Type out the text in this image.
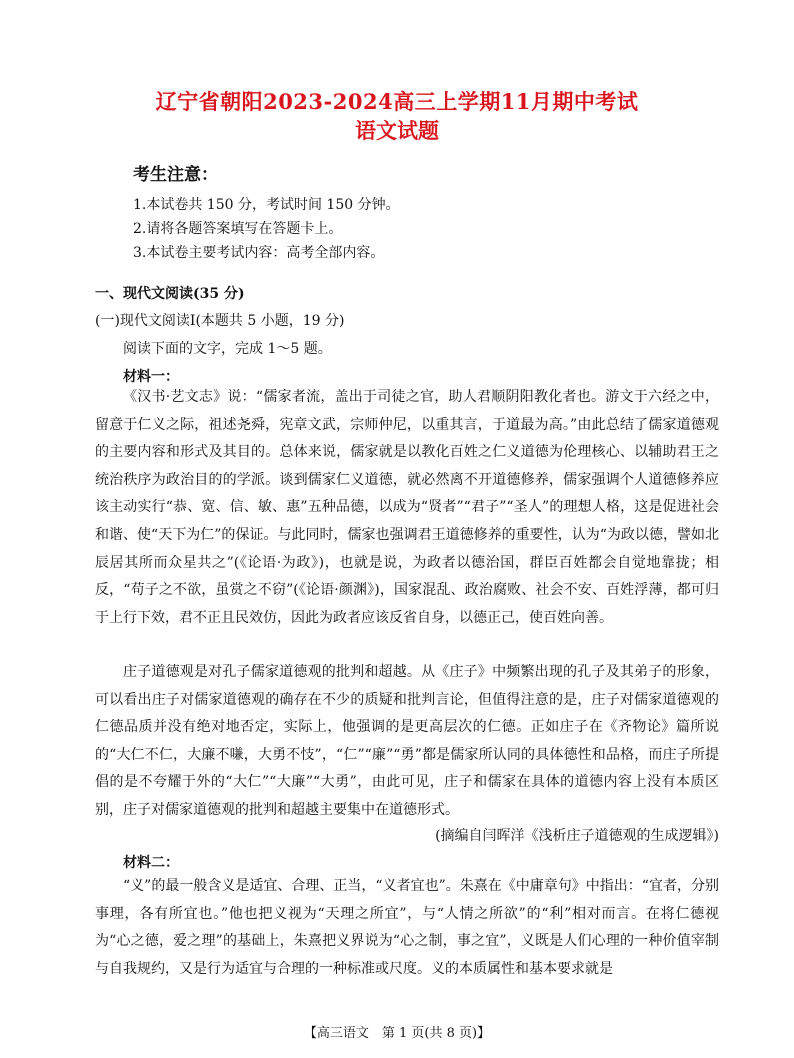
辽宁省朝阳2023-2024高三上学期11月期中考试
语文试题
考生注意：
1.本试卷共 150 分，考试时间 150 分钟。
2.请将各题答案填写在答题卡上。
3.本试卷主要考试内容：高考全部内容。
一、现代文阅读(35 分)
(一)现代文阅读Ⅰ(本题共 5 小题，19 分)
阅读下面的文字，完成 1～5 题。
材料一：
《汉书·艺文志》说：“儒家者流，盖出于司徒之官，助人君顺阴阳教化者也。游文于六经之中，留意于仁义之际，祖述尧舜，宪章文武，宗师仲尼，以重其言，于道最为高。”由此总结了儒家道德观的主要内容和形式及其目的。总体来说，儒家就是以教化百姓之仁义道德为伦理核心、以辅助君王之统治秩序为政治目的的学派。谈到儒家仁义道德，就必然离不开道德修养，儒家强调个人道德修养应该主动实行“恭、宽、信、敏、惠”五种品德，以成为“贤者”“君子”“圣人”的理想人格，这是促进社会和谐、使“天下为仁”的保证。与此同时，儒家也强调君王道德修养的重要性，认为“为政以德，譬如北辰居其所而众星共之”(《论语·为政》)，也就是说，为政者以德治国，群臣百姓都会自觉地靠拢；相反，“苟子之不欲，虽赏之不窃”(《论语·颜渊》)，国家混乱、政治腐败、社会不安、百姓浮薄，都可归于上行下效，君不正且民效仿，因此为政者应该反省自身，以德正己，使百姓向善。
庄子道德观是对孔子儒家道德观的批判和超越。从《庄子》中频繁出现的孔子及其弟子的形象，可以看出庄子对儒家道德观的确存在不少的质疑和批判言论，但值得注意的是，庄子对儒家道德观的仁德品质并没有绝对地否定，实际上，他强调的是更高层次的仁德。正如庄子在《齐物论》篇所说的“大仁不仁，大廉不嗛，大勇不忮”，“仁”“廉”“勇”都是儒家所认同的具体德性和品格，而庄子所提倡的是不夸耀于外的“大仁”“大廉”“大勇”，由此可见，庄子和儒家在具体的道德内容上没有本质区别，庄子对儒家道德观的批判和超越主要集中在道德形式。
(摘编自闫晖洋《浅析庄子道德观的生成逻辑》)
材料二：
“义”的最一般含义是适宜、合理、正当，“义者宜也”。朱熹在《中庸章句》中指出：“宜者，分别事理，各有所宜也。”他也把义视为“天理之所宜”，与“人情之所欲”的“利”相对而言。在将仁德视为“心之德，爱之理”的基础上，朱熹把义界说为“心之制，事之宜”，义既是人们心理的一种价值宰制与自我规约，又是行为适宜与合理的一种标准或尺度。义的本质属性和基本要求就是
【高三语文　第 1 页(共 8 页)】
